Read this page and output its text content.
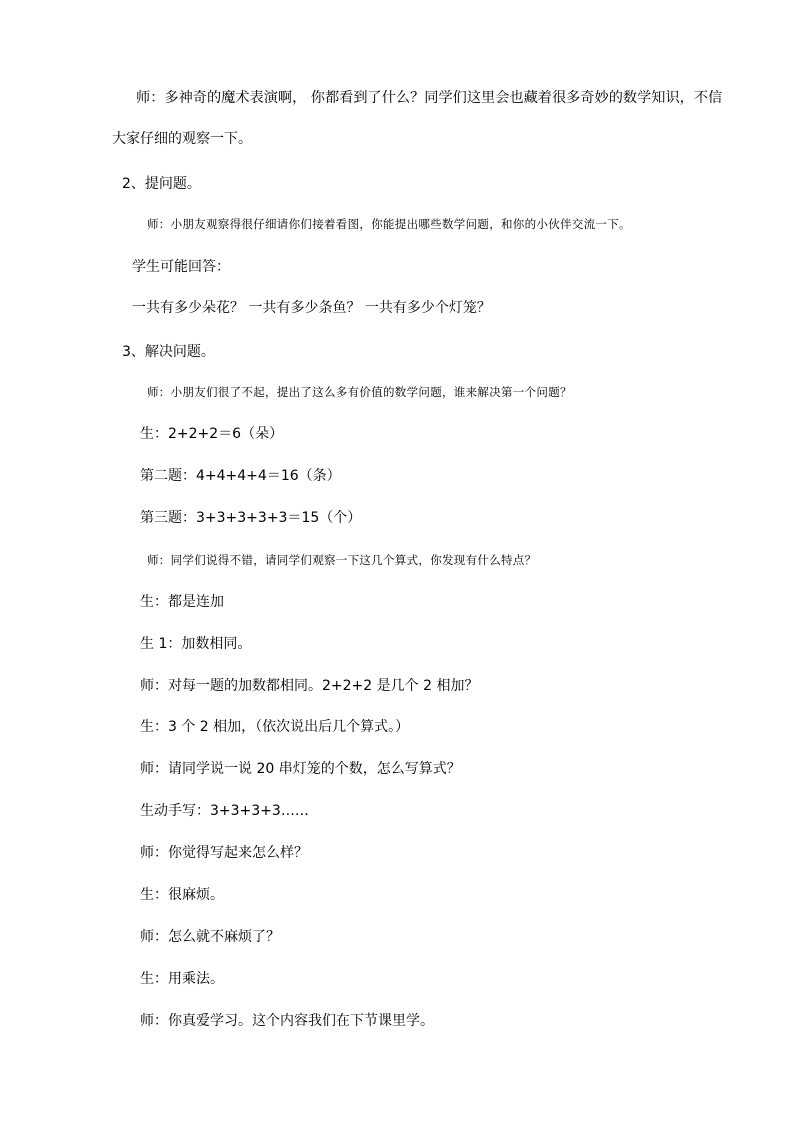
师：多神奇的魔术表演啊， 你都看到了什么？同学们这里会也藏着很多奇妙的数学知识，不信
大家仔细的观察一下。
2、提问题。
师：小朋友观察得很仔细请你们接着看图，你能提出哪些数学问题，和你的小伙伴交流一下。
学生可能回答：
一共有多少朵花？ 一共有多少条鱼？ 一共有多少个灯笼？
3、解决问题。
师：小朋友们很了不起，提出了这么多有价值的数学问题，谁来解决第一个问题？
生：2+2+2＝6（朵）
第二题：4+4+4+4＝16（条）
第三题：3+3+3+3+3＝15（个）
师：同学们说得不错，请同学们观察一下这几个算式，你发现有什么特点？
生：都是连加
生 1：加数相同。
师：对每一题的加数都相同。2+2+2 是几个 2 相加？
生：3 个 2 相加，（依次说出后几个算式。）
师：请同学说一说 20 串灯笼的个数，怎么写算式？
生动手写：3+3+3+3……
师：你觉得写起来怎么样？
生：很麻烦。
师：怎么就不麻烦了？
生：用乘法。
师：你真爱学习。这个内容我们在下节课里学。
